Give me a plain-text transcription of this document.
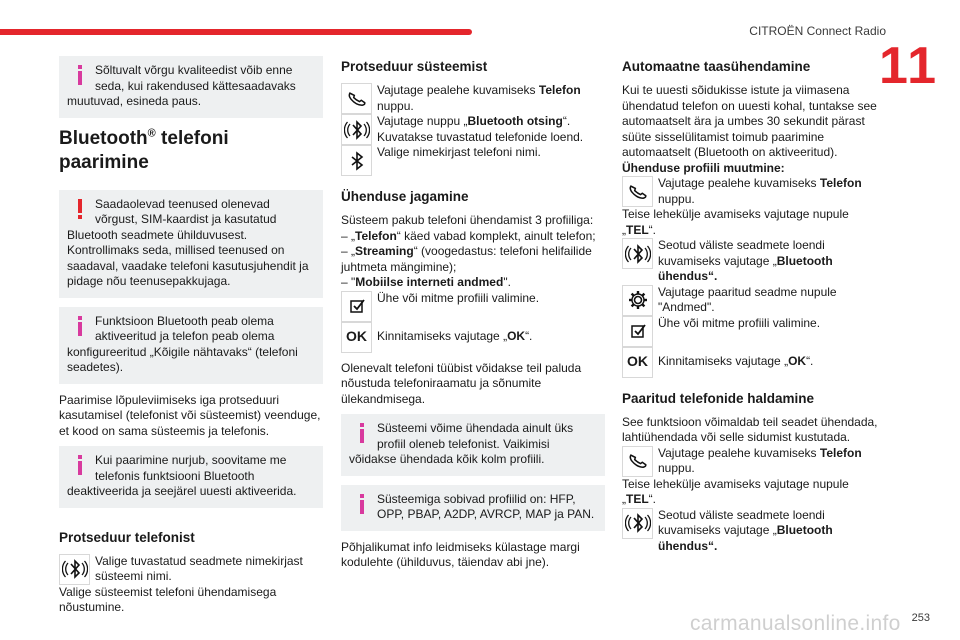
CITROËN Connect Radio
11
253
carmanualsonline.info
Sõltuvalt võrgu kvaliteedist võib enne seda, kui rakendused kättesaadavaks muutuvad, esineda paus.
Bluetooth® telefoni paarimine
Saadaolevad teenused olenevad võrgust, SIM-kaardist ja kasutatud Bluetooth seadmete ühilduvusest. Kontrollimaks seda, millised teenused on saadaval, vaadake telefoni kasutusjuhendit ja pidage nõu teenusepakkujaga.
Funktsioon Bluetooth peab olema aktiveeritud ja telefon peab olema konfigureeritud „Kõigile nähtavaks“ (telefoni seadetes).

Paarimise lõpuleviimiseks iga protseduuri kasutamisel (telefonist või süsteemist) veenduge, et kood on sama süsteemis ja telefonis.

Kui paarimine nurjub, soovitame me telefonis funktsiooni Bluetooth deaktiveerida ja seejärel uuesti aktiveerida.
Protseduur telefonist
Valige tuvastatud seadmete nimekirjast süsteemi nimi.

Valige süsteemist telefoni ühendamisega nõustumine.

Protseduur süsteemist
Vajutage pealehe kuvamiseks Telefon nuppu.
Vajutage nuppu „Bluetooth otsing“. Kuvatakse tuvastatud telefonide loend.
Valige nimekirjast telefoni nimi.
Ühenduse jagamine

Süsteem pakub telefoni ühendamist 3 profiiliga:

– „Telefon“ käed vabad komplekt, ainult telefon;
– „Streaming“ (voogedastus: telefoni helifailide juhtmeta mängimine);
– "Mobiilse interneti andmed".
Ühe või mitme profiili valimine.
OK Kinnitamiseks vajutage „OK“.

Olenevalt telefoni tüübist võidakse teil paluda nõustuda telefoniraamatu ja sõnumite ülekandmisega.

Süsteemi võime ühendada ainult üks profiil oleneb telefonist. Vaikimisi võidakse ühendada kõik kolm profiili.
Süsteemiga sobivad profiilid on: HFP, OPP, PBAP, A2DP, AVRCP, MAP ja PAN.

Põhjalikumat info leidmiseks külastage margi kodulehte (ühilduvus, täiendav abi jne).

Automaatne taasühendamine

Kui te uuesti sõidukisse istute ja viimasena ühendatud telefon on uuesti kohal, tuntakse see automaatselt ära ja umbes 30 sekundit pärast süüte sisselülitamist toimub paarimine automaatselt (Bluetooth on aktiveeritud).

Ühenduse profiili muutmine:
Vajutage pealehe kuvamiseks Telefon nuppu.
Teise lehekülje avamiseks vajutage nupule „TEL“.
Seotud väliste seadmete loendi kuvamiseks vajutage „Bluetooth ühendus“.
Vajutage paaritud seadme nupule "Andmed".
Ühe või mitme profiili valimine.
OK Kinnitamiseks vajutage „OK“.
Paaritud telefonide haldamine

See funktsioon võimaldab teil seadet ühendada, lahtiühendada või selle sidumist kustutada.

Vajutage pealehe kuvamiseks Telefon nuppu.
Teise lehekülje avamiseks vajutage nupule „TEL“.
Seotud väliste seadmete loendi kuvamiseks vajutage „Bluetooth ühendus“.
